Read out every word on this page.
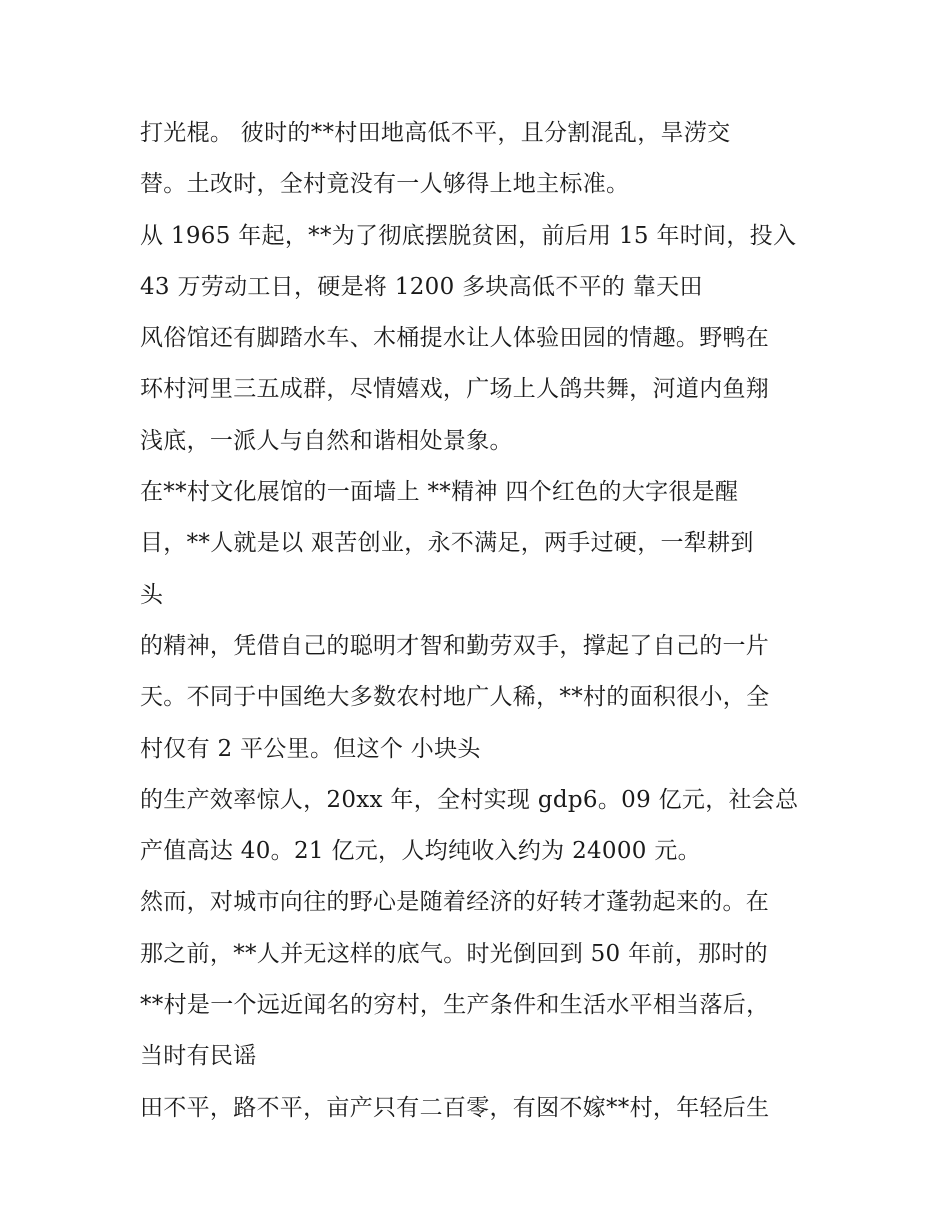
打光棍。 彼时的**村田地高低不平，且分割混乱，旱涝交
替。土改时，全村竟没有一人够得上地主标准。
从 1965 年起，**为了彻底摆脱贫困，前后用 15 年时间，投入
43 万劳动工日，硬是将 1200 多块高低不平的 靠天田
风俗馆还有脚踏水车、木桶提水让人体验田园的情趣。野鸭在
环村河里三五成群，尽情嬉戏，广场上人鸽共舞，河道内鱼翔
浅底，一派人与自然和谐相处景象。
在**村文化展馆的一面墙上 **精神 四个红色的大字很是醒
目，**人就是以 艰苦创业，永不满足，两手过硬，一犁耕到
头
的精神，凭借自己的聪明才智和勤劳双手，撑起了自己的一片
天。不同于中国绝大多数农村地广人稀，**村的面积很小，全
村仅有 2 平公里。但这个 小块头
的生产效率惊人，20xx 年，全村实现 gdp6。09 亿元，社会总
产值高达 40。21 亿元，人均纯收入约为 24000 元。
然而，对城市向往的野心是随着经济的好转才蓬勃起来的。在
那之前，**人并无这样的底气。时光倒回到 50 年前，那时的
**村是一个远近闻名的穷村，生产条件和生活水平相当落后，
当时有民谣
田不平，路不平，亩产只有二百零，有囡不嫁**村，年轻后生
